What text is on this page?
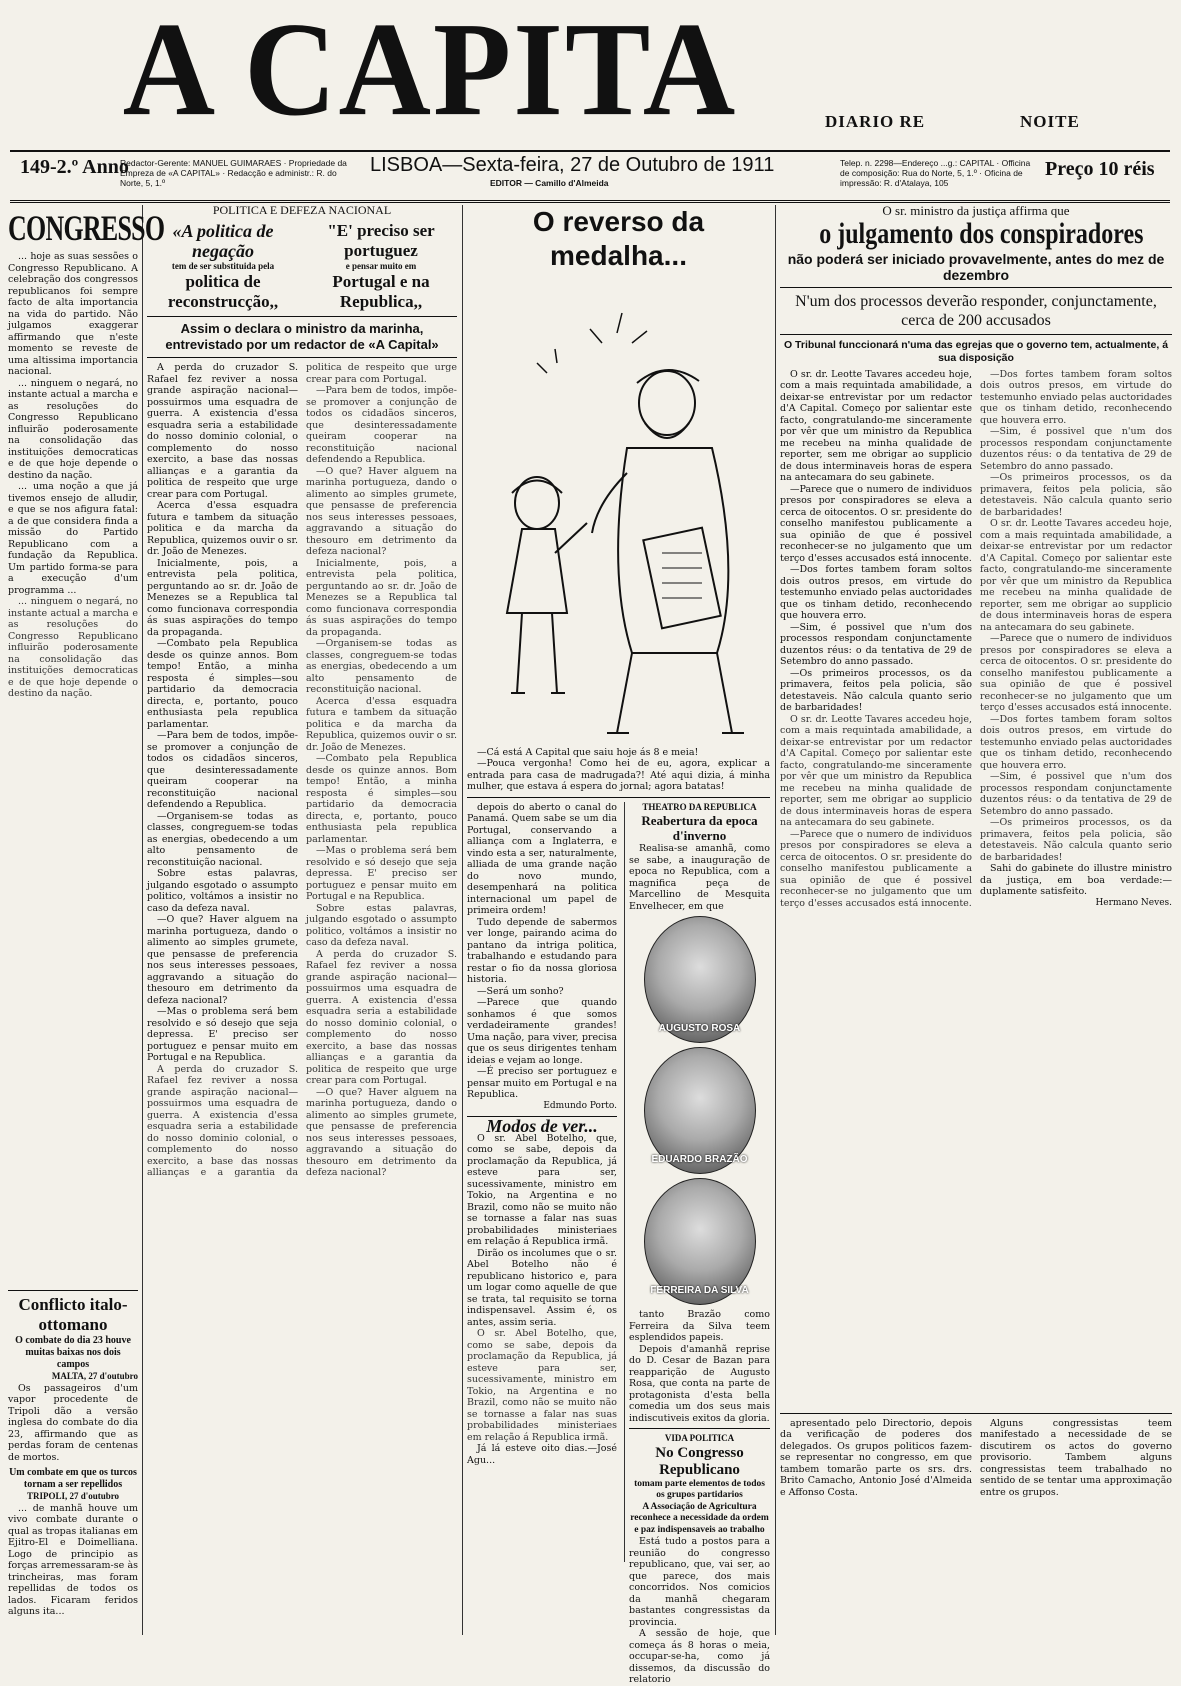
A CAPITA	DIARIO RE	NOITE
149-2.º Anno
Redactor-Gerente: MANUEL GUIMARAES · Propriedade da Empreza de «A CAPITAL» · Redacção e administr.: R. do Norte, 5, 1.º
LISBOA—Sexta-feira, 27 de Outubro de 1911
EDITOR — Camillo d'Almeida
Telep. n. 2298—Endereço ...g.: CAPITAL · Officina de composição: Rua do Norte, 5, 1.º · Oficina de impressão: R. d'Atalaya, 105
Preço 10 réis
CONGRESSO

... hoje as suas sessões o Congresso Republicano. A celebração dos congressos republicanos foi sempre facto de alta importancia na vida do partido. Não julgamos exaggerar affirmando que n'este momento se reveste de uma altissima importancia nacional.

... ninguem o negará, no instante actual a marcha e as resoluções do Congresso Republicano influirão poderosamente na consolidação das instituições democraticas e de que hoje depende o destino da nação.

... uma noção a que já tivemos ensejo de alludir, e que se nos afigura fatal: a de que considera finda a missão do Partido Republicano com a fundação da Republica. Um partido forma-se para a execução d'um programma ...

... ninguem o negará, no instante actual a marcha e as resoluções do Congresso Republicano influirão poderosamente na consolidação das instituições democraticas e de que hoje depende o destino da nação.

Conflicto italo-ottomano
O combate do dia 23 houve muitas baixas nos dois campos
MALTA, 27 d'outubro

Os passageiros d'um vapor procedente de Tripoli dão a versão inglesa do combate do dia 23, affirmando que as perdas foram de centenas de mortos.

Um combate em que os turcos tornam a ser repellidos
TRIPOLI, 27 d'outubro

... de manhã houve um vivo combate durante o qual as tropas italianas em Ejitro-El e Doimelliana. Logo de principio as forças arremessaram-se às trincheiras, mas foram repellidas de todos os lados. Ficaram feridos alguns ita...

POLITICA E DEFEZA NACIONAL
«A politica de negação
tem de ser substituida pela
politica de reconstrucção,,
"E' preciso ser portuguez
e pensar muito em
Portugal e na Republica,,
Assim o declara o ministro da marinha, entrevistado por um redactor de «A Capital»

A perda do cruzador S. Rafael fez reviver a nossa grande aspiração nacional—possuirmos uma esquadra de guerra. A existencia d'essa esquadra seria a estabilidade do nosso dominio colonial, o complemento do nosso exercito, a base das nossas allianças e a garantia da politica de respeito que urge crear para com Portugal.

Acerca d'essa esquadra futura e tambem da situação politica e da marcha da Republica, quizemos ouvir o sr. dr. João de Menezes.

Inicialmente, pois, a entrevista pela politica, perguntando ao sr. dr. João de Menezes se a Republica tal como funcionava correspondia ás suas aspirações do tempo da propaganda.

—Combato pela Republica desde os quinze annos. Bom tempo! Então, a minha resposta é simples—sou partidario da democracia directa, e, portanto, pouco enthusiasta pela republica parlamentar.

—Para bem de todos, impõe-se promover a conjunção de todos os cidadãos sinceros, que desinteressadamente queiram cooperar na reconstituição nacional defendendo a Republica.

—Organisem-se todas as classes, congreguem-se todas as energias, obedecendo a um alto pensamento de reconstituição nacional.

Sobre estas palavras, julgando esgotado o assumpto politico, voltámos a insistir no caso da defeza naval.

—O que? Haver alguem na marinha portugueza, dando o alimento ao simples grumete, que pensasse de preferencia nos seus interesses pessoaes, aggravando a situação do thesouro em detrimento da defeza nacional?

—Mas o problema será bem resolvido e só desejo que seja depressa. E' preciso ser portuguez e pensar muito em Portugal e na Republica.

A perda do cruzador S. Rafael fez reviver a nossa grande aspiração nacional—possuirmos uma esquadra de guerra. A existencia d'essa esquadra seria a estabilidade do nosso dominio colonial, o complemento do nosso exercito, a base das nossas allianças e a garantia da politica de respeito que urge crear para com Portugal.

—Para bem de todos, impõe-se promover a conjunção de todos os cidadãos sinceros, que desinteressadamente queiram cooperar na reconstituição nacional defendendo a Republica.

—O que? Haver alguem na marinha portugueza, dando o alimento ao simples grumete, que pensasse de preferencia nos seus interesses pessoaes, aggravando a situação do thesouro em detrimento da defeza nacional?

Inicialmente, pois, a entrevista pela politica, perguntando ao sr. dr. João de Menezes se a Republica tal como funcionava correspondia ás suas aspirações do tempo da propaganda.

—Organisem-se todas as classes, congreguem-se todas as energias, obedecendo a um alto pensamento de reconstituição nacional.

Acerca d'essa esquadra futura e tambem da situação politica e da marcha da Republica, quizemos ouvir o sr. dr. João de Menezes.

—Combato pela Republica desde os quinze annos. Bom tempo! Então, a minha resposta é simples—sou partidario da democracia directa, e, portanto, pouco enthusiasta pela republica parlamentar.

—Mas o problema será bem resolvido e só desejo que seja depressa. E' preciso ser portuguez e pensar muito em Portugal e na Republica.

Sobre estas palavras, julgando esgotado o assumpto politico, voltámos a insistir no caso da defeza naval.

A perda do cruzador S. Rafael fez reviver a nossa grande aspiração nacional—possuirmos uma esquadra de guerra. A existencia d'essa esquadra seria a estabilidade do nosso dominio colonial, o complemento do nosso exercito, a base das nossas allianças e a garantia da politica de respeito que urge crear para com Portugal.

—O que? Haver alguem na marinha portugueza, dando o alimento ao simples grumete, que pensasse de preferencia nos seus interesses pessoaes, aggravando a situação do thesouro em detrimento da defeza nacional?

O reverso da medalha...

—Cá está A Capital que saiu hoje ás 8 e meia!

—Pouca vergonha! Como hei de eu, agora, explicar a entrada para casa de madrugada?! Até aqui dizia, á minha mulher, que estava á espera do jornal; agora batatas!

depois do aberto o canal do Panamá. Quem sabe se um dia Portugal, conservando a alliança com a Inglaterra, e vindo esta a ser, naturalmente, alliada de uma grande nação do novo mundo, desempenhará na politica internacional um papel de primeira ordem!

Tudo depende de sabermos ver longe, pairando acima do pantano da intriga politica, trabalhando e estudando para restar o fio da nossa gloriosa historia.

—Será um sonho?

—Parece que quando sonhamos é que somos verdadeiramente grandes! Uma nação, para viver, precisa que os seus dirigentes tenham ideias e vejam ao longe.

—É preciso ser portuguez e pensar muito em Portugal e na Republica.

Edmundo Porto.
Modos de ver...

O sr. Abel Botelho, que, como se sabe, depois da proclamação da Republica, já esteve para ser, sucessivamente, ministro em Tokio, na Argentina e no Brazil, como não se muito não se tornasse a falar nas suas probabilidades ministeriaes em relação á Republica irmã.

Dirão os incolumes que o sr. Abel Botelho não é republicano historico e, para um logar como aquelle de que se trata, tal requisito se torna indispensavel. Assim é, os antes, assim seria.

O sr. Abel Botelho, que, como se sabe, depois da proclamação da Republica, já esteve para ser, sucessivamente, ministro em Tokio, na Argentina e no Brazil, como não se muito não se tornasse a falar nas suas probabilidades ministeriaes em relação á Republica irmã.

Já lá esteve oito dias.—José Agu...

THEATRO DA REPUBLICA
Reabertura da epoca d'inverno

Realisa-se amanhã, como se sabe, a inauguração de epoca no Republica, com a magnifica peça de Marcellino de Mesquita Envelhecer, em que

AUGUSTO ROSA
EDUARDO BRAZÃO
FERREIRA DA SILVA

tanto Brazão como Ferreira da Silva teem esplendidos papeis.

Depois d'amanhã reprise do D. Cesar de Bazan para reapparição de Augusto Rosa, que conta na parte de protagonista d'esta bella comedia um dos seus mais indiscutiveis exitos da gloria.

VIDA POLITICA
No Congresso Republicano
tomam parte elementos de todos os grupos partidarios
A Associação de Agricultura reconhece a necessidade da ordem e paz indispensaveis ao trabalho

Está tudo a postos para a reunião do congresso republicano, que, vai ser, ao que parece, dos mais concorridos. Nos comicios da manhã chegaram bastantes congressistas da provincia.

A sessão de hoje, que começa ás 8 horas o meia, occupar-se-ha, como já dissemos, da discussão do relatorio

O sr. ministro da justiça affirma que
o julgamento dos conspiradores
não poderá ser iniciado provavelmente, antes do mez de dezembro
N'um dos processos deverão responder, conjunctamente, cerca de 200 accusados
O Tribunal funccionará n'uma das egrejas que o governo tem, actualmente, á sua disposição

O sr. dr. Leotte Tavares accedeu hoje, com a mais requintada amabilidade, a deixar-se entrevistar por um redactor d'A Capital. Começo por salientar este facto, congratulando-me sinceramente por vêr que um ministro da Republica me recebeu na minha qualidade de reporter, sem me obrigar ao supplicio de dous interminaveis horas de espera na antecamara do seu gabinete.

—Parece que o numero de individuos presos por conspiradores se eleva a cerca de oitocentos. O sr. presidente do conselho manifestou publicamente a sua opinião de que é possivel reconhecer-se no julgamento que um terço d'esses accusados está innocente.

—Dos fortes tambem foram soltos dois outros presos, em virtude do testemunho enviado pelas auctoridades que os tinham detido, reconhecendo que houvera erro.

—Sim, é possivel que n'um dos processos respondam conjunctamente duzentos réus: o da tentativa de 29 de Setembro do anno passado.

—Os primeiros processos, os da primavera, feitos pela policia, são detestaveis. Não calcula quanto serio de barbaridades!

O sr. dr. Leotte Tavares accedeu hoje, com a mais requintada amabilidade, a deixar-se entrevistar por um redactor d'A Capital. Começo por salientar este facto, congratulando-me sinceramente por vêr que um ministro da Republica me recebeu na minha qualidade de reporter, sem me obrigar ao supplicio de dous interminaveis horas de espera na antecamara do seu gabinete.

—Parece que o numero de individuos presos por conspiradores se eleva a cerca de oitocentos. O sr. presidente do conselho manifestou publicamente a sua opinião de que é possivel reconhecer-se no julgamento que um terço d'esses accusados está innocente.

—Dos fortes tambem foram soltos dois outros presos, em virtude do testemunho enviado pelas auctoridades que os tinham detido, reconhecendo que houvera erro.

—Sim, é possivel que n'um dos processos respondam conjunctamente duzentos réus: o da tentativa de 29 de Setembro do anno passado.

—Os primeiros processos, os da primavera, feitos pela policia, são detestaveis. Não calcula quanto serio de barbaridades!

O sr. dr. Leotte Tavares accedeu hoje, com a mais requintada amabilidade, a deixar-se entrevistar por um redactor d'A Capital. Começo por salientar este facto, congratulando-me sinceramente por vêr que um ministro da Republica me recebeu na minha qualidade de reporter, sem me obrigar ao supplicio de dous interminaveis horas de espera na antecamara do seu gabinete.

—Parece que o numero de individuos presos por conspiradores se eleva a cerca de oitocentos. O sr. presidente do conselho manifestou publicamente a sua opinião de que é possivel reconhecer-se no julgamento que um terço d'esses accusados está innocente.

—Dos fortes tambem foram soltos dois outros presos, em virtude do testemunho enviado pelas auctoridades que os tinham detido, reconhecendo que houvera erro.

—Sim, é possivel que n'um dos processos respondam conjunctamente duzentos réus: o da tentativa de 29 de Setembro do anno passado.

—Os primeiros processos, os da primavera, feitos pela policia, são detestaveis. Não calcula quanto serio de barbaridades!

Sahi do gabinete do illustre ministro da justiça, em boa verdade:—duplamente satisfeito.

Hermano Neves.

apresentado pelo Directorio, depois da verificação de poderes dos delegados. Os grupos politicos fazem-se representar no congresso, em que tambem tomarão parte os srs. drs. Brito Camacho, Antonio José d'Almeida e Affonso Costa.

Alguns congressistas teem manifestado a necessidade de se discutirem os actos do governo provisorio. Tambem alguns congressistas teem trabalhado no sentido de se tentar uma approximação entre os grupos.
